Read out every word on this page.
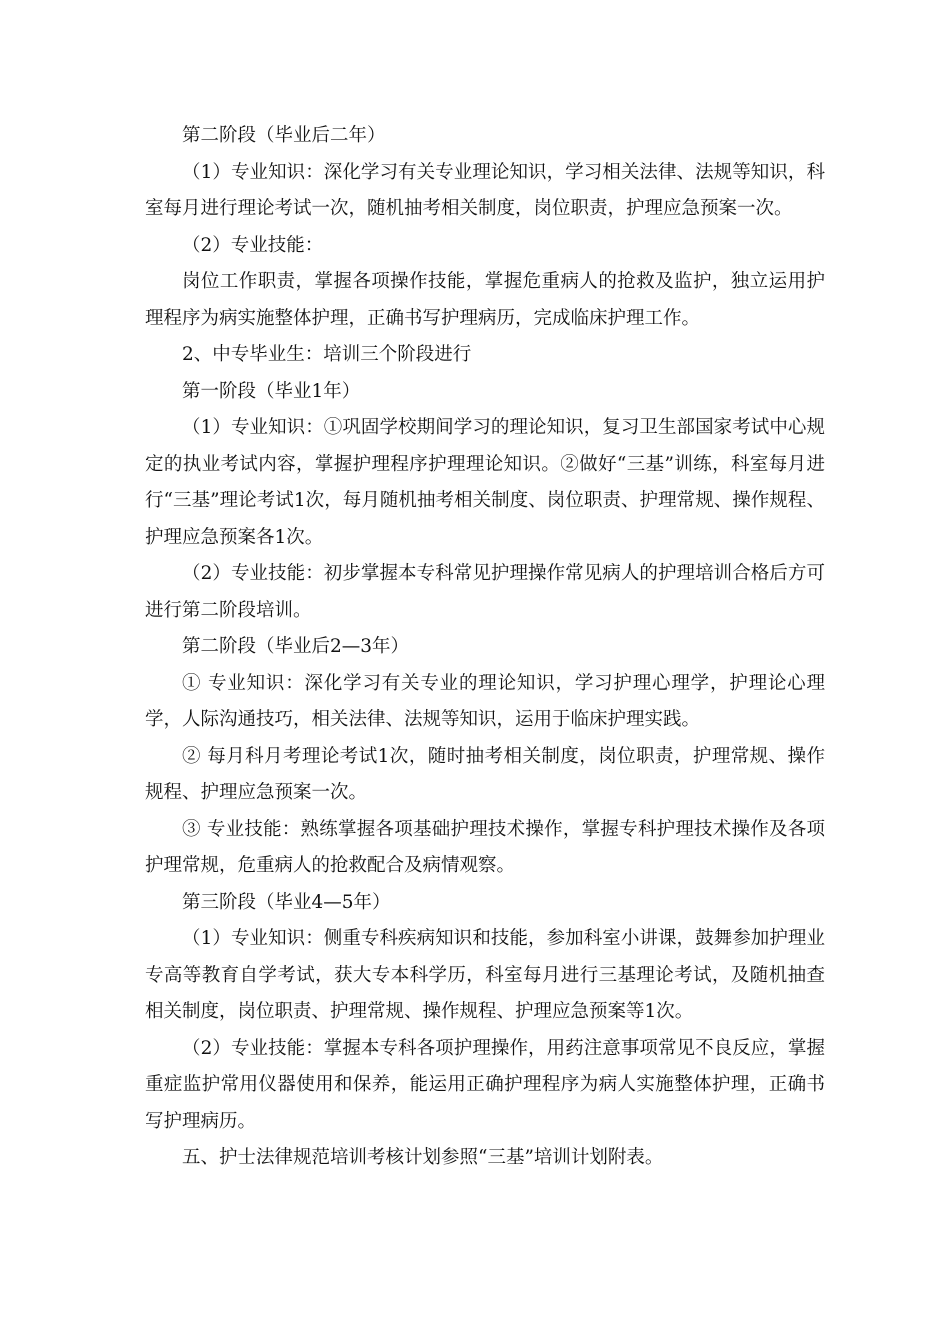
第二阶段（毕业后二年）

（1）专业知识：深化学习有关专业理论知识，学习相关法律、法规等知识，科室每月进行理论考试一次，随机抽考相关制度，岗位职责，护理应急预案一次。

（2）专业技能：

岗位工作职责，掌握各项操作技能，掌握危重病人的抢救及监护，独立运用护理程序为病实施整体护理，正确书写护理病历，完成临床护理工作。

2、中专毕业生：培训三个阶段进行

第一阶段（毕业1年）

（1）专业知识：①巩固学校期间学习的理论知识，复习卫生部国家考试中心规定的执业考试内容，掌握护理程序护理理论知识。②做好“三基”训练，科室每月进行“三基”理论考试1次，每月随机抽考相关制度、岗位职责、护理常规、操作规程、护理应急预案各1次。

（2）专业技能：初步掌握本专科常见护理操作常见病人的护理培训合格后方可进行第二阶段培训。

第二阶段（毕业后2—3年）

① 专业知识：深化学习有关专业的理论知识，学习护理心理学，护理论心理学，人际沟通技巧，相关法律、法规等知识，运用于临床护理实践。

② 每月科月考理论考试1次，随时抽考相关制度，岗位职责，护理常规、操作规程、护理应急预案一次。

③ 专业技能：熟练掌握各项基础护理技术操作，掌握专科护理技术操作及各项护理常规，危重病人的抢救配合及病情观察。

第三阶段（毕业4—5年）

（1）专业知识：侧重专科疾病知识和技能，参加科室小讲课，鼓舞参加护理业专高等教育自学考试，获大专本科学历，科室每月进行三基理论考试，及随机抽查相关制度，岗位职责、护理常规、操作规程、护理应急预案等1次。

（2）专业技能：掌握本专科各项护理操作，用药注意事项常见不良反应，掌握重症监护常用仪器使用和保养，能运用正确护理程序为病人实施整体护理，正确书写护理病历。

五、护士法律规范培训考核计划参照“三基”培训计划附表。
